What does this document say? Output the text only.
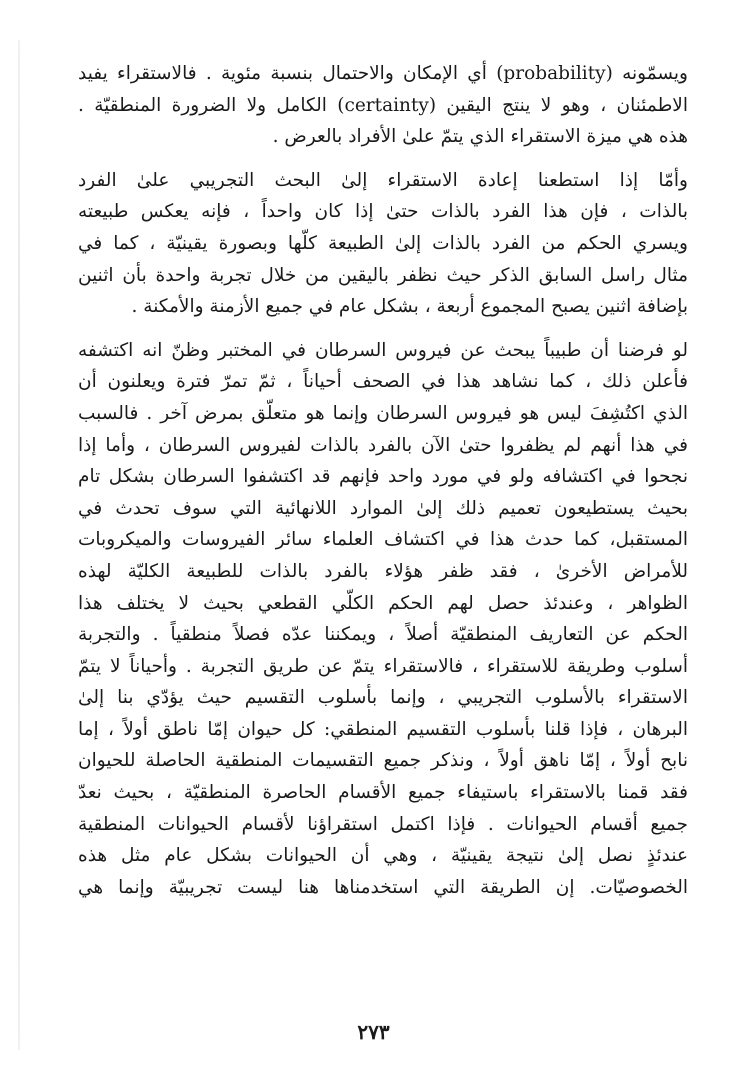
ويسمّونه (probability) أي الإمكان والاحتمال بنسبة مئوية . فالاستقراء يفيد
الاطمئنان ، وهو لا ينتج اليقين (certainty) الكامل ولا الضرورة المنطقيّة .
هذه هي ميزة الاستقراء الذي يتمّ علىٰ الأفراد بالعرض .
وأمّا إذا استطعنا إعادة الاستقراء إلىٰ البحث التجريبي علىٰ الفرد
بالذات ، فإن هذا الفرد بالذات حتىٰ إذا كان واحداً ، فإنه يعكس طبيعته
ويسري الحكم من الفرد بالذات إلىٰ الطبيعة كلّها وبصورة يقينيّة ، كما في
مثال راسل السابق الذكر حيث نظفر باليقين من خلال تجربة واحدة بأن اثنين
بإضافة اثنين يصبح المجموع أربعة ، بشكل عام في جميع الأزمنة والأمكنة .
لو فرضنا أن طبيباً يبحث عن فيروس السرطان في المختبر وظنّ انه اكتشفه
فأعلن ذلك ، كما نشاهد هذا في الصحف أحياناً ، ثمّ تمرّ فترة ويعلنون أن
الذي اكتُشِفَ ليس هو فيروس السرطان وإنما هو متعلّق بمرض آخر . فالسبب
في هذا أنهم لم يظفروا حتىٰ الآن بالفرد بالذات لفيروس السرطان ، وأما إذا
نجحوا في اكتشافه ولو في مورد واحد فإنهم قد اكتشفوا السرطان بشكل تام
بحيث يستطيعون تعميم ذلك إلىٰ الموارد اللانهائية التي سوف تحدث في
المستقبل، كما حدث هذا في اكتشاف العلماء سائر الفيروسات والميكروبات
للأمراض الأخرىٰ ، فقد ظفر هؤلاء بالفرد بالذات للطبيعة الكليّة لهذه
الظواهر ، وعندئذ حصل لهم الحكم الكلّي القطعي بحيث لا يختلف هذا
الحكم عن التعاريف المنطقيّة أصلاً ، ويمكننا عدّه فصلاً منطقياً . والتجربة
أسلوب وطريقة للاستقراء ، فالاستقراء يتمّ عن طريق التجربة . وأحياناً لا يتمّ
الاستقراء بالأسلوب التجريبي ، وإنما بأسلوب التقسيم حيث يؤدّي بنا إلىٰ
البرهان ، فإذا قلنا بأسلوب التقسيم المنطقي: كل حيوان إمّا ناطق أولاً ، إما
نابح أولاً ، إمّا ناهق أولاً ، ونذكر جميع التقسيمات المنطقية الحاصلة للحيوان
فقد قمنا بالاستقراء باستيفاء جميع الأقسام الحاصرة المنطقيّة ، بحيث نعدّ
جميع أقسام الحيوانات . فإذا اكتمل استقراؤنا لأقسام الحيوانات المنطقية
عندئذٍ نصل إلىٰ نتيجة يقينيّة ، وهي أن الحيوانات بشكل عام مثل هذه
الخصوصيّات. إن الطريقة التي استخدمناها هنا ليست تجريبيّة وإنما هي
٢٧٣
